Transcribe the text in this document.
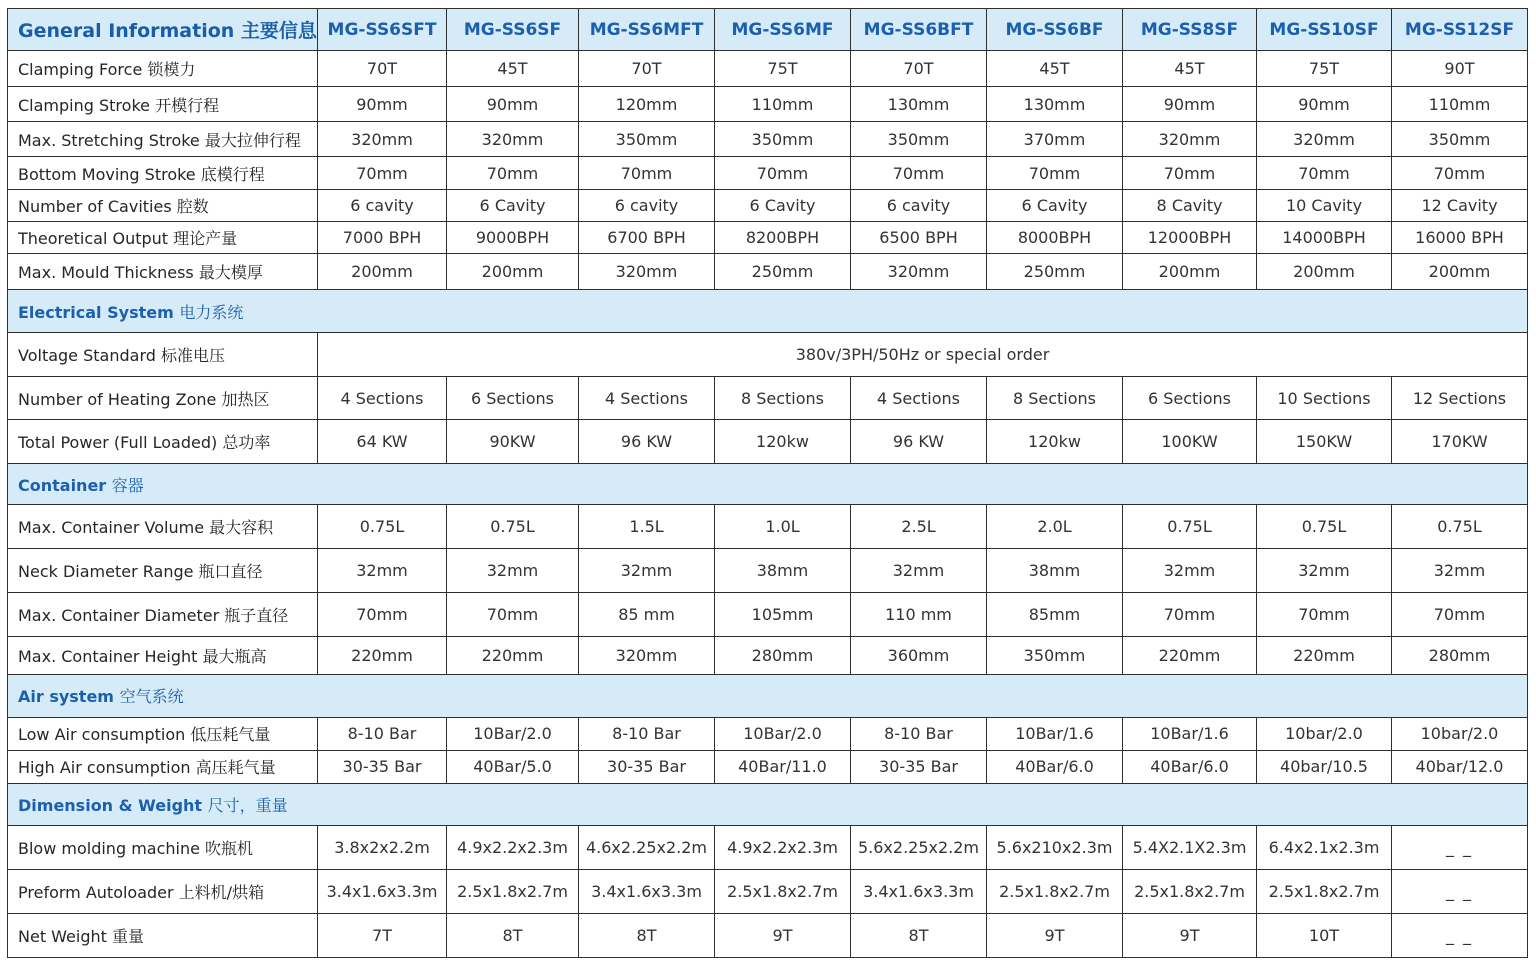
General Information 主要信息	MG-SS6SFT	MG-SS6SF	MG-SS6MFT	MG-SS6MF	MG-SS6BFT	MG-SS6BF	MG-SS8SF	MG-SS10SF	MG-SS12SF
Clamping Force 锁模力	70T	45T	70T	75T	70T	45T	45T	75T	90T
Clamping Stroke 开模行程	90mm	90mm	120mm	110mm	130mm	130mm	90mm	90mm	110mm
Max. Stretching Stroke 最大拉伸行程	320mm	320mm	350mm	350mm	350mm	370mm	320mm	320mm	350mm
Bottom Moving Stroke 底模行程	70mm	70mm	70mm	70mm	70mm	70mm	70mm	70mm	70mm
Number of Cavities 腔数	6 cavity	6 Cavity	6 cavity	6 Cavity	6 cavity	6 Cavity	8 Cavity	10 Cavity	12 Cavity
Theoretical Output 理论产量	7000 BPH	9000BPH	6700 BPH	8200BPH	6500 BPH	8000BPH	12000BPH	14000BPH	16000 BPH
Max. Mould Thickness 最大模厚	200mm	200mm	320mm	250mm	320mm	250mm	200mm	200mm	200mm
Electrical System 电力系统									
Voltage Standard 标准电压	380v/3PH/50Hz or special order								
Number of Heating Zone 加热区	4 Sections	6 Sections	4 Sections	8 Sections	4 Sections	8 Sections	6 Sections	10 Sections	12 Sections
Total Power (Full Loaded) 总功率	64 KW	90KW	96 KW	120kw	96 KW	120kw	100KW	150KW	170KW
Container 容器									
Max. Container Volume 最大容积	0.75L	0.75L	1.5L	1.0L	2.5L	2.0L	0.75L	0.75L	0.75L
Neck Diameter Range 瓶口直径	32mm	32mm	32mm	38mm	32mm	38mm	32mm	32mm	32mm
Max. Container Diameter 瓶子直径	70mm	70mm	85 mm	105mm	110 mm	85mm	70mm	70mm	70mm
Max. Container Height 最大瓶高	220mm	220mm	320mm	280mm	360mm	350mm	220mm	220mm	280mm
Air system 空气系统									
Low Air consumption 低压耗气量	8-10 Bar	10Bar/2.0	8-10 Bar	10Bar/2.0	8-10 Bar	10Bar/1.6	10Bar/1.6	10bar/2.0	10bar/2.0
High Air consumption 高压耗气量	30-35 Bar	40Bar/5.0	30-35 Bar	40Bar/11.0	30-35 Bar	40Bar/6.0	40Bar/6.0	40bar/10.5	40bar/12.0
Dimension & Weight 尺寸，重量									
Blow molding machine 吹瓶机	3.8x2x2.2m	4.9x2.2x2.3m	4.6x2.25x2.2m	4.9x2.2x2.3m	5.6x2.25x2.2m	5.6x210x2.3m	5.4X2.1X2.3m	6.4x2.1x2.3m	_ _
Preform Autoloader 上料机/烘箱	3.4x1.6x3.3m	2.5x1.8x2.7m	3.4x1.6x3.3m	2.5x1.8x2.7m	3.4x1.6x3.3m	2.5x1.8x2.7m	2.5x1.8x2.7m	2.5x1.8x2.7m	_ _
Net Weight 重量	7T	8T	8T	9T	8T	9T	9T	10T	_ _
